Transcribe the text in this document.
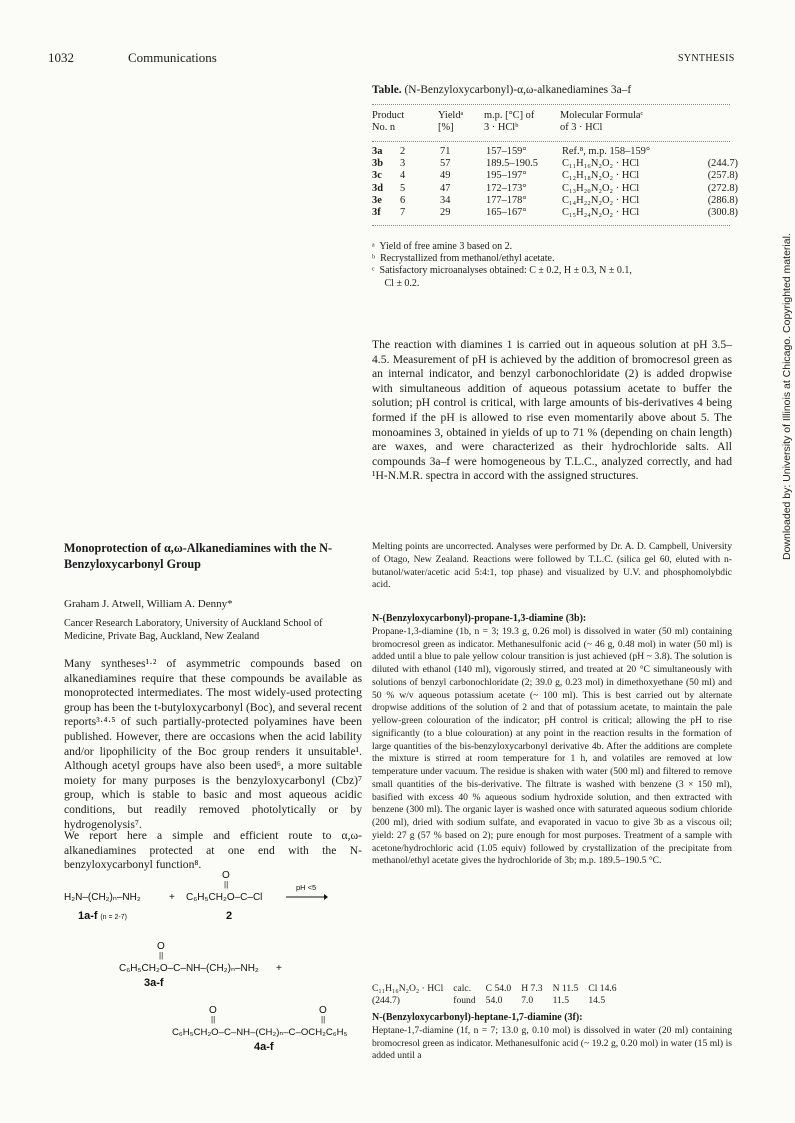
1032	Communications	SYNTHESIS
Downloaded by: University of Illinois at Chicago. Copyrighted material.
Table. (N-Benzyloxycarbonyl)-α,ω-alkanediamines 3a–f
Product	Yieldᵃ	m.p. [°C] of	Molecular Formulaᶜ	
No. n	[%]	3 · HClᵇ	of 3 · HCl	
3a	2	71	157–159°	Ref.⁸, m.p. 158–159°	
3b	3	57	189.5–190.5	C₁₁H₁₆N₂O₂ · HCl	(244.7)
3c	4	49	195–197°	C₁₂H₁₈N₂O₂ · HCl	(257.8)
3d	5	47	172–173°	C₁₃H₂₀N₂O₂ · HCl	(272.8)
3e	6	34	177–178°	C₁₄H₂₂N₂O₂ · HCl	(286.8)
3f	7	29	165–167°	C₁₅H₂₄N₂O₂ · HCl	(300.8)
ᵃ  Yield of free amine 3 based on 2.
ᵇ  Recrystallized from methanol/ethyl acetate.
ᶜ  Satisfactory microanalyses obtained: C ± 0.2, H ± 0.3, N ± 0.1,
Cl ± 0.2.

The reaction with diamines 1 is carried out in aqueous solution at pH 3.5–4.5. Measurement of pH is achieved by the addition of bromocresol green as an internal indicator, and benzyl carbonochloridate (2) is added dropwise with simultaneous addition of aqueous potassium acetate to buffer the solution; pH control is critical, with large amounts of bis-derivatives 4 being formed if the pH is allowed to rise even momentarily above about 5. The monoamines 3, obtained in yields of up to 71 % (depending on chain length) are waxes, and were characterized as their hydrochloride salts. All compounds 3a–f were homogeneous by T.L.C., analyzed correctly, and had ¹H-N.M.R. spectra in accord with the assigned structures.

Melting points are uncorrected. Analyses were performed by Dr. A. D. Campbell, University of Otago, New Zealand. Reactions were followed by T.L.C. (silica gel 60, eluted with n-butanol/water/acetic acid 5:4:1, top phase) and visualized by U.V. and phosphomolybdic acid.

N-(Benzyloxycarbonyl)-propane-1,3-diamine (3b):
Propane-1,3-diamine (1b, n = 3; 19.3 g, 0.26 mol) is dissolved in water (50 ml) containing bromocresol green as indicator. Methanesulfonic acid (~ 46 g, 0.48 mol) in water (50 ml) is added until a blue to pale yellow colour transition is just achieved (pH ~ 3.8). The solution is diluted with ethanol (140 ml), vigorously stirred, and treated at 20 °C simultaneously with solutions of benzyl carbonochloridate (2; 39.0 g, 0.23 mol) in dimethoxyethane (50 ml) and 50 % w/v aqueous potassium acetate (~ 100 ml). This is best carried out by alternate dropwise additions of the solution of 2 and that of potassium acetate, to maintain the pale yellow-green colouration of the indicator; pH control is critical; allowing the pH to rise significantly (to a blue colouration) at any point in the reaction results in the formation of large quantities of the bis-benzyloxycarbonyl derivative 4b. After the additions are complete the mixture is stirred at room temperature for 1 h, and volatiles are removed at low temperature under vacuum. The residue is shaken with water (500 ml) and filtered to remove small quantities of the bis-derivative. The filtrate is washed with benzene (3 × 150 ml), basified with excess 40 % aqueous sodium hydroxide solution, and then extracted with benzene (300 ml). The organic layer is washed once with saturated aqueous sodium chloride (200 ml), dried with sodium sulfate, and evaporated in vacuo to give 3b as a viscous oil; yield: 27 g (57 % based on 2); pure enough for most purposes. Treatment of a sample with acetone/hydrochloric acid (1.05 equiv) followed by crystallization of the precipitate from methanol/ethyl acetate gives the hydrochloride of 3b; m.p. 189.5–190.5 °C.

C₁₁H₁₆N₂O₂ · HCl	calc.	C 54.0	H 7.3	N 11.5	Cl 14.6
(244.7)	found	54.0	7.0	11.5	14.5

N-(Benzyloxycarbonyl)-heptane-1,7-diamine (3f):
Heptane-1,7-diamine (1f, n = 7; 13.0 g, 0.10 mol) is dissolved in water (20 ml) containing bromocresol green as indicator. Methanesulfonic acid (~ 19.2 g, 0.20 mol) in water (15 ml) is added until a

Monoprotection of α,ω-Alkanediamines with the N-Benzyloxycarbonyl Group
Graham J. Atwell, William A. Denny*
Cancer Research Laboratory, University of Auckland School of Medicine, Private Bag, Auckland, New Zealand

Many syntheses¹·² of asymmetric compounds based on alkanediamines require that these compounds be available as monoprotected intermediates. The most widely-used protecting group has been the t-butyloxycarbonyl (Boc), and several recent reports³·⁴·⁵ of such partially-protected polyamines have been published. However, there are occasions when the acid lability and/or lipophilicity of the Boc group renders it unsuitable¹. Although acetyl groups have also been used⁶, a more suitable moiety for many purposes is the benzyloxycarbonyl (Cbz)⁷ group, which is stable to basic and most aqueous acidic conditions, but readily removed photolytically or by hydrogenolysis⁷.

We report here a simple and efficient route to α,ω-alkanediamines protected at one end with the N-benzyloxycarbonyl function⁸.

O
||
H₂N–(CH₂)ₙ–NH₂	+ C₆H₅CH₂O–C–Cl
pH <5
1a-f (n = 2-7)	2
O
||
C₆H₅CH₂O–C–NH–(CH₂)ₙ–NH₂ +
3a-f
O
||
O
||
C₆H₅CH₂O–C–NH–(CH₂)ₙ–C–OCH₂C₆H₅
4a-f
